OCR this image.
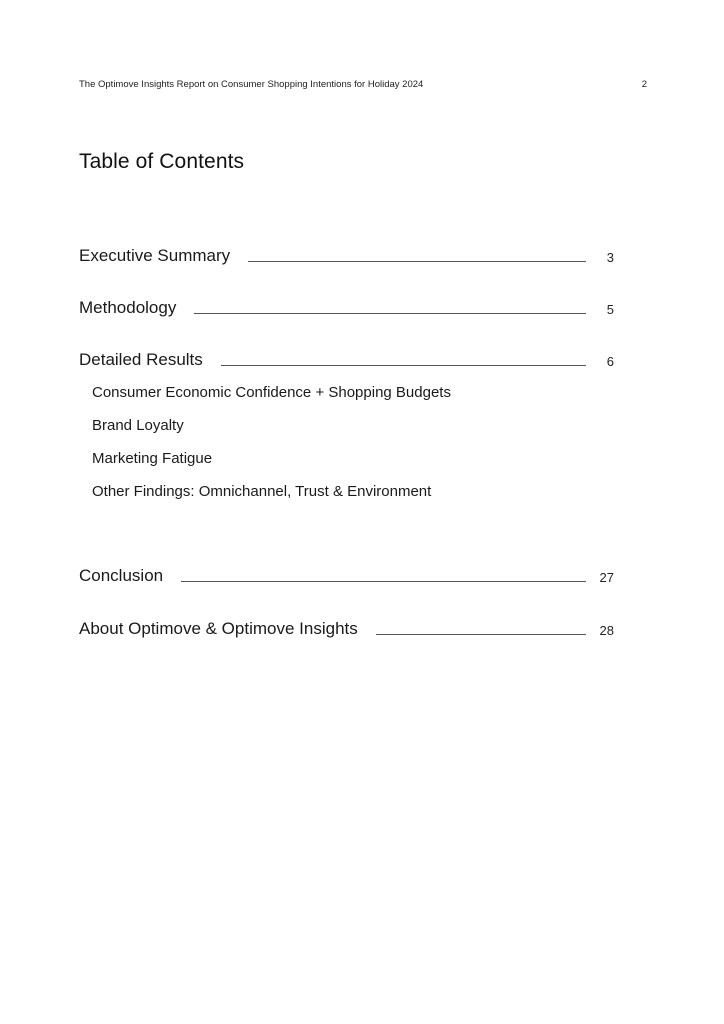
The Optimove Insights Report on Consumer Shopping Intentions for Holiday 2024	2
Table of Contents
Executive Summary	3
Methodology	5
Detailed Results	6
Consumer Economic Confidence + Shopping Budgets
Brand Loyalty
Marketing Fatigue
Other Findings: Omnichannel, Trust & Environment
Conclusion	27
About Optimove & Optimove Insights	28
